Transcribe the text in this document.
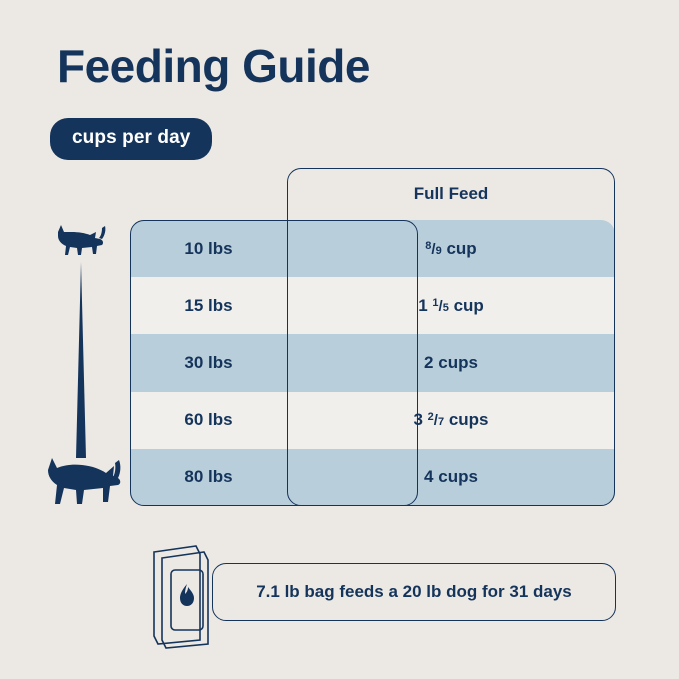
Feeding Guide
cups per day
Full Feed
10 lbs	$^8$/9 cup
15 lbs	1 $^1$/5 cup
30 lbs	2 cups
60 lbs	3 $^2$/7 cups
80 lbs	4 cups
7.1 lb bag feeds a 20 lb dog for 31 days
